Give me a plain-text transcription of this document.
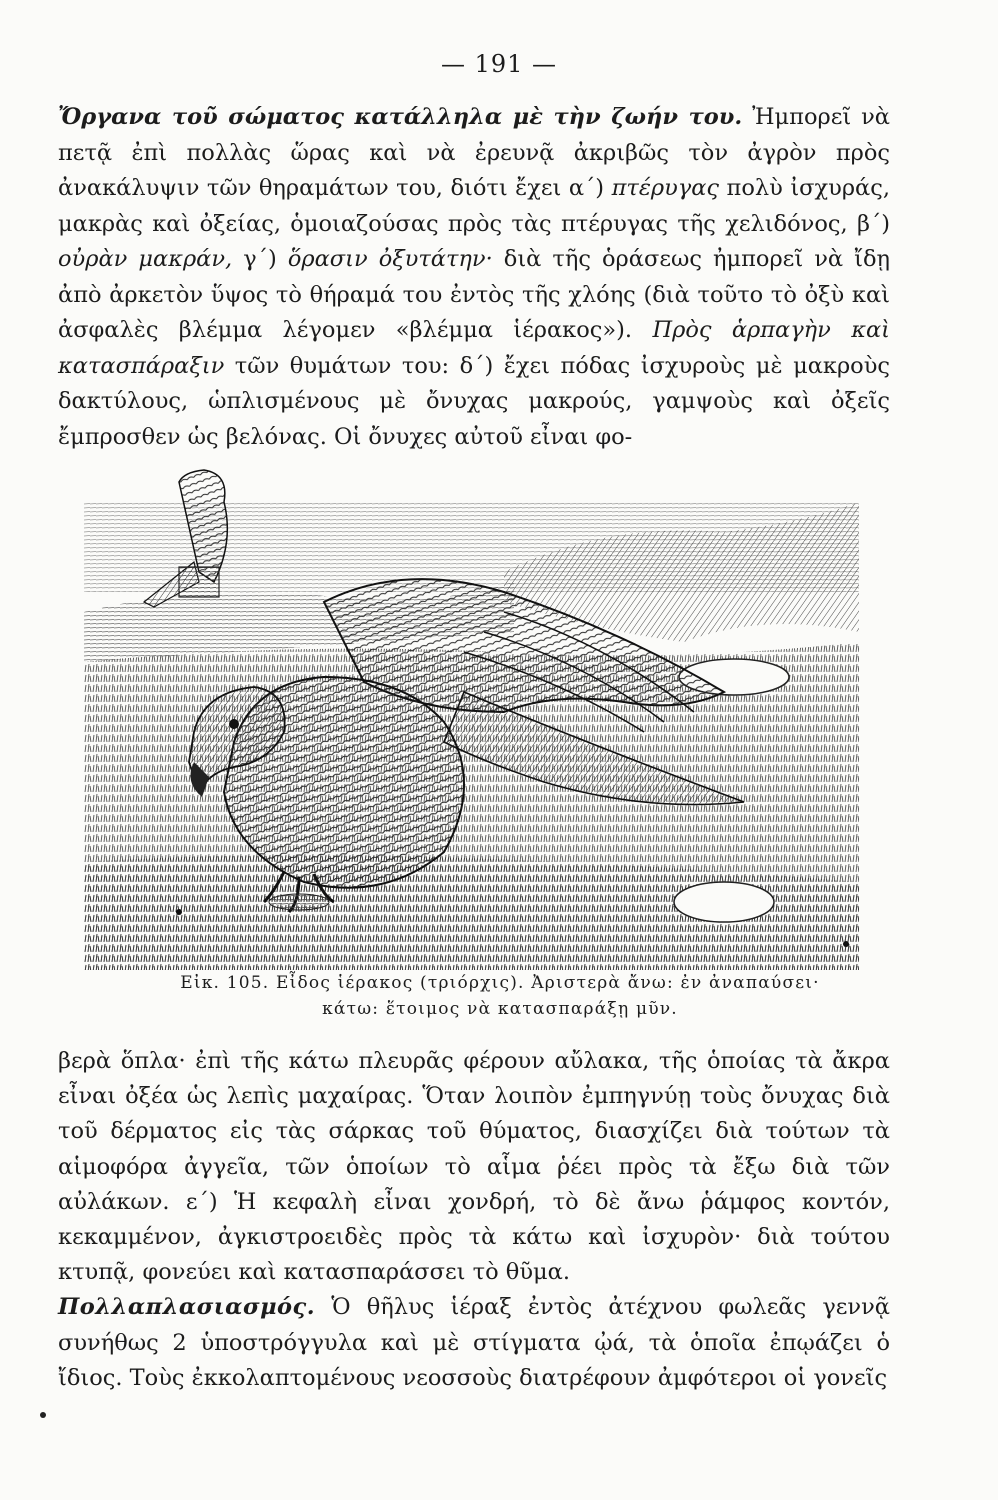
— 191 —

Ὄργανα τοῦ σώματος κατάλληλα μὲ τὴν ζωήν του. Ἠμπορεῖ νὰ πετᾷ ἐπὶ πολλὰς ὥρας καὶ νὰ ἐρευνᾷ ἀκριβῶς τὸν ἀγρὸν πρὸς ἀνακάλυψιν τῶν θηραμάτων του, διότι ἔχει α΄) πτέρυγας πολὺ ἰσχυράς, μακρὰς καὶ ὀξείας, ὁμοιαζούσας πρὸς τὰς πτέρυγας τῆς χελιδόνος, β΄) οὐρὰν μακράν, γ΄) ὅρασιν ὀξυτάτην· διὰ τῆς ὁράσεως ἠμπορεῖ νὰ ἴδῃ ἀπὸ ἀρκετὸν ὕψος τὸ θήραμά του ἐντὸς τῆς χλόης (διὰ τοῦτο τὸ ὀξὺ καὶ ἀσφαλὲς βλέμμα λέγομεν «βλέμμα ἱέρακος»). Πρὸς ἁρπαγὴν καὶ κατασπάραξιν τῶν θυμάτων του: δ΄) ἔχει πόδας ἰσχυροὺς μὲ μακροὺς δακτύλους, ὡπλισμένους μὲ ὄνυχας μακρούς, γαμψοὺς καὶ ὀξεῖς ἔμπροσθεν ὡς βελόνας. Οἱ ὄνυχες αὐτοῦ εἶναι φο-

Εἰκ. 105. Εἶδος ἱέρακος (τριόρχις). Ἀριστερὰ ἄνω: ἐν ἀναπαύσει·
κάτω: ἕτοιμος νὰ κατασπαράξῃ μῦν.

βερὰ ὅπλα· ἐπὶ τῆς κάτω πλευρᾶς φέρουν αὔλακα, τῆς ὁποίας τὰ ἄκρα εἶναι ὀξέα ὡς λεπὶς μαχαίρας. Ὅταν λοιπὸν ἐμπηγνύῃ τοὺς ὄνυχας διὰ τοῦ δέρματος εἰς τὰς σάρκας τοῦ θύματος, διασχίζει διὰ τούτων τὰ αἱμοφόρα ἀγγεῖα, τῶν ὁποίων τὸ αἷμα ῥέει πρὸς τὰ ἔξω διὰ τῶν αὐλάκων. ε΄) Ἡ κεφαλὴ εἶναι χονδρή, τὸ δὲ ἄνω ῥάμφος κοντόν, κεκαμμένον, ἀγκιστροειδὲς πρὸς τὰ κάτω καὶ ἰσχυρὸν· διὰ τούτου κτυπᾷ, φονεύει καὶ κατασπαράσσει τὸ θῦμα.

Πολλαπλασιασμός. Ὁ θῆλυς ἱέραξ ἐντὸς ἀτέχνου φωλεᾶς γεννᾷ συνήθως 2 ὑποστρόγγυλα καὶ μὲ στίγματα ᾠά, τὰ ὁποῖα ἐπῳάζει ὁ ἴδιος. Τοὺς ἐκκολαπτομένους νεοσσοὺς διατρέφουν ἀμφότεροι οἱ γονεῖς
